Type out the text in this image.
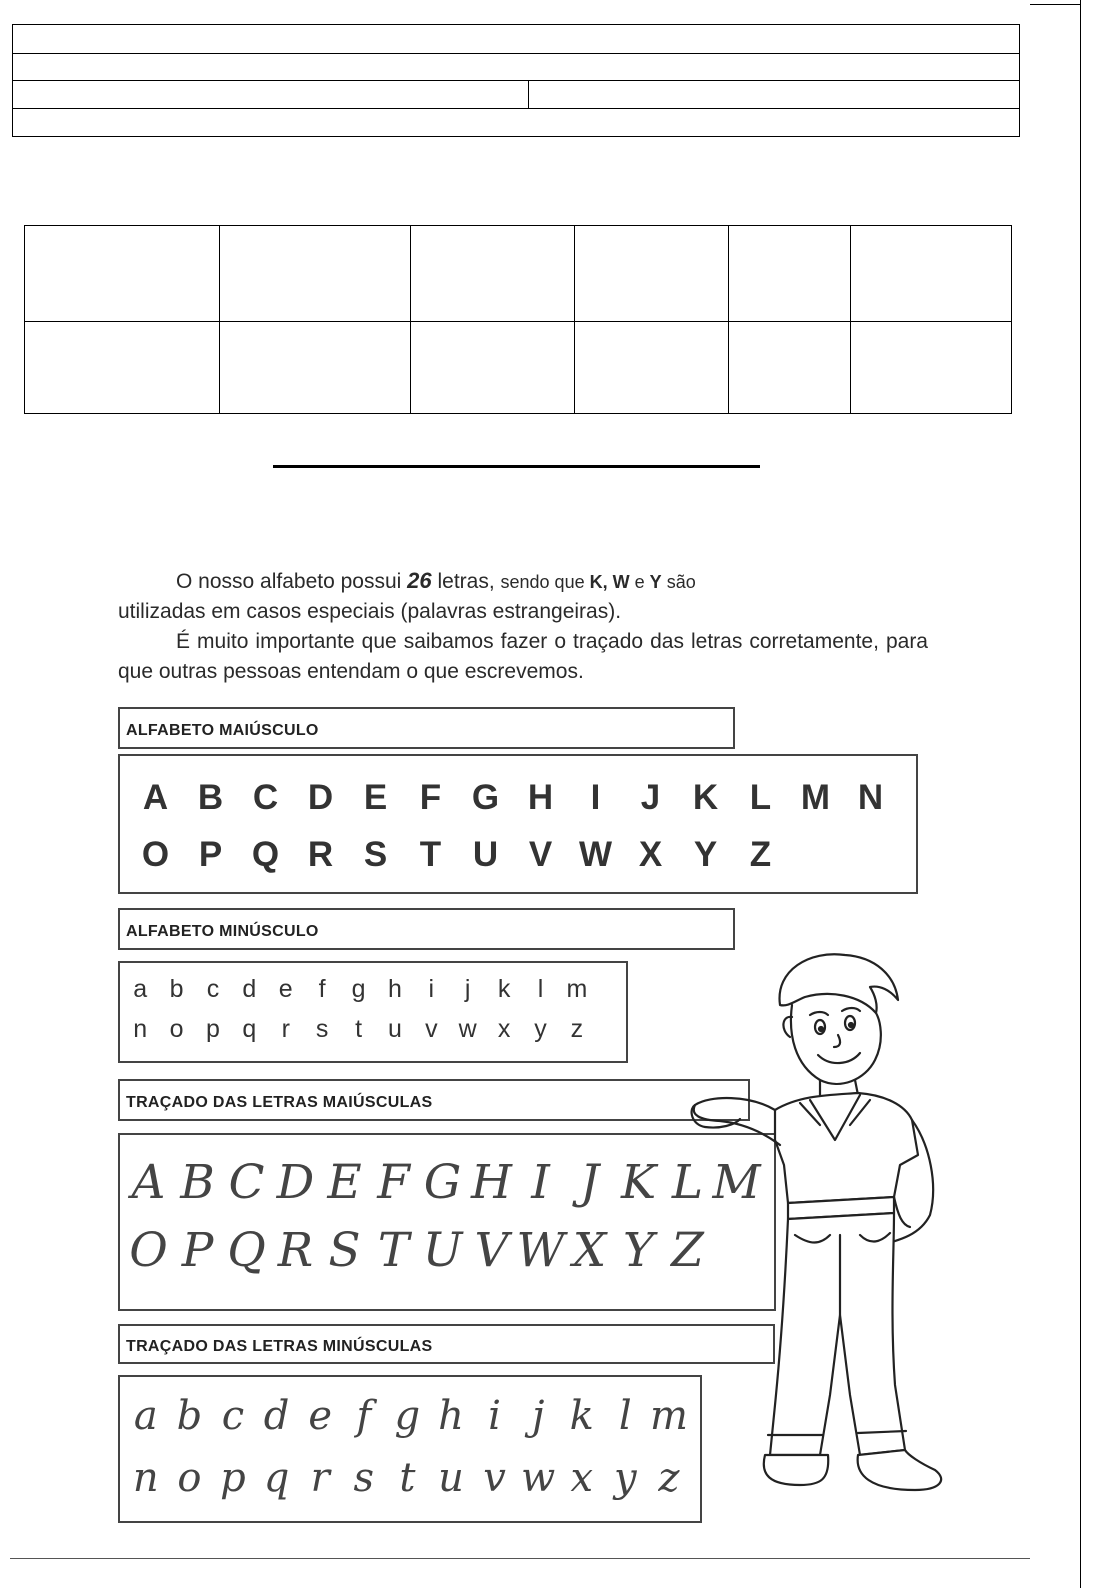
O nosso alfabeto possui 26 letras, sendo que K, W e Y são

utilizadas em casos especiais (palavras estrangeiras).

É muito importante que saibamos fazer o traçado das letras corretamente, para que outras pessoas entendam o que escrevemos.

ALFABETO MAIÚSCULO
A B C D E F G H	I	J K L M N
O P Q R S T U V W X Y Z
ALFABETO MINÚSCULO
a b c d e	f	g h	i	j	k	l m
n o p q	r	s	t	u v w x y z
TRAÇADO DAS LETRAS MAIÚSCULAS
A B C D E F G H I J K L M
O P Q R S T U V W X Y Z
TRAÇADO DAS LETRAS MINÚSCULAS
a b c d e f g h i j k l m
n o p q r s t u v w x y z
